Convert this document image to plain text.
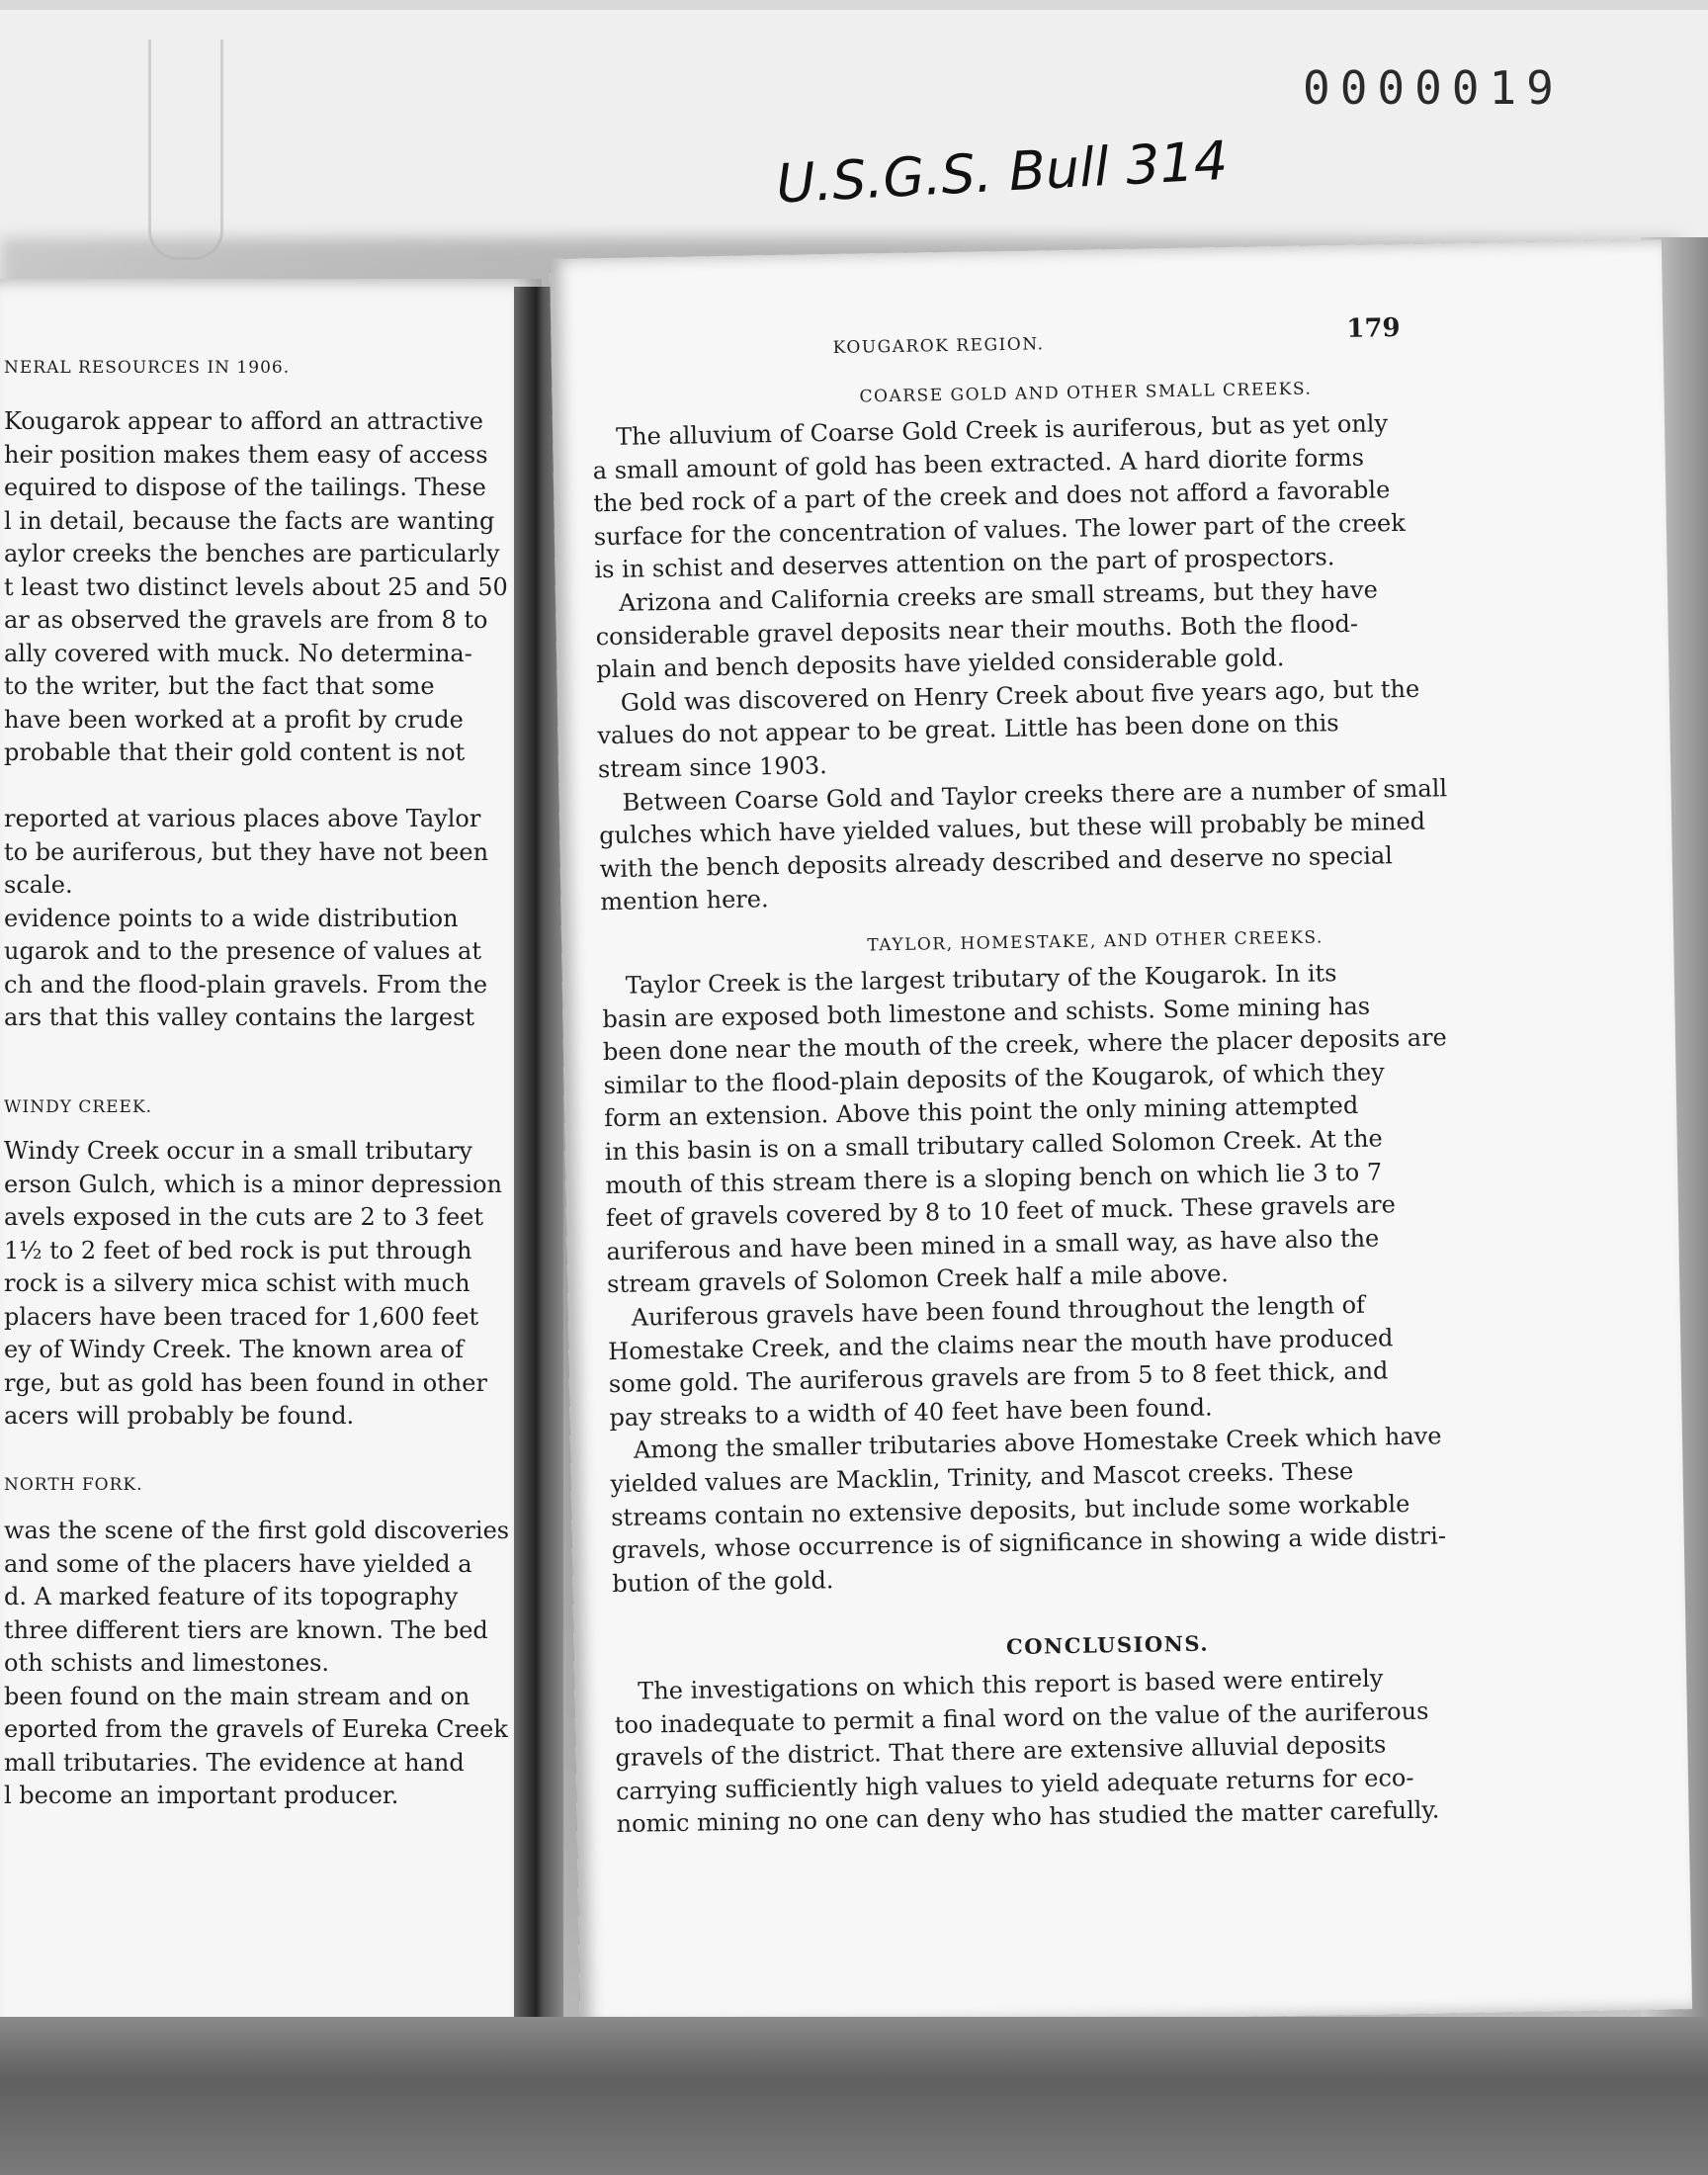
0000019
U.S.G.S. Bull 314
NERAL RESOURCES IN 1906.
Kougarok appear to afford an attractive
heir position makes them easy of access
equired to dispose of the tailings. These
l in detail, because the facts are wanting
aylor creeks the benches are particularly
t least two distinct levels about 25 and 50
ar as observed the gravels are from 8 to
ally covered with muck. No determina-
to the writer, but the fact that some
have been worked at a profit by crude
probable that their gold content is not
reported at various places above Taylor
to be auriferous, but they have not been
scale.
evidence points to a wide distribution
ugarok and to the presence of values at
ch and the flood-plain gravels. From the
ars that this valley contains the largest
WINDY CREEK.
Windy Creek occur in a small tributary
erson Gulch, which is a minor depression
avels exposed in the cuts are 2 to 3 feet
1½ to 2 feet of bed rock is put through
rock is a silvery mica schist with much
placers have been traced for 1,600 feet
ey of Windy Creek. The known area of
rge, but as gold has been found in other
acers will probably be found.
NORTH FORK.
was the scene of the first gold discoveries
and some of the placers have yielded a
d. A marked feature of its topography
three different tiers are known. The bed
oth schists and limestones.
been found on the main stream and on
eported from the gravels of Eureka Creek
mall tributaries. The evidence at hand
l become an important producer.
KOUGAROK REGION.
179
COARSE GOLD AND OTHER SMALL CREEKS.
The alluvium of Coarse Gold Creek is auriferous, but as yet only
a small amount of gold has been extracted. A hard diorite forms
the bed rock of a part of the creek and does not afford a favorable
surface for the concentration of values. The lower part of the creek
is in schist and deserves attention on the part of prospectors.
Arizona and California creeks are small streams, but they have
considerable gravel deposits near their mouths. Both the flood-
plain and bench deposits have yielded considerable gold.
Gold was discovered on Henry Creek about five years ago, but the
values do not appear to be great. Little has been done on this
stream since 1903.
Between Coarse Gold and Taylor creeks there are a number of small
gulches which have yielded values, but these will probably be mined
with the bench deposits already described and deserve no special
mention here.
TAYLOR, HOMESTAKE, AND OTHER CREEKS.
Taylor Creek is the largest tributary of the Kougarok. In its
basin are exposed both limestone and schists. Some mining has
been done near the mouth of the creek, where the placer deposits are
similar to the flood-plain deposits of the Kougarok, of which they
form an extension. Above this point the only mining attempted
in this basin is on a small tributary called Solomon Creek. At the
mouth of this stream there is a sloping bench on which lie 3 to 7
feet of gravels covered by 8 to 10 feet of muck. These gravels are
auriferous and have been mined in a small way, as have also the
stream gravels of Solomon Creek half a mile above.
Auriferous gravels have been found throughout the length of
Homestake Creek, and the claims near the mouth have produced
some gold. The auriferous gravels are from 5 to 8 feet thick, and
pay streaks to a width of 40 feet have been found.
Among the smaller tributaries above Homestake Creek which have
yielded values are Macklin, Trinity, and Mascot creeks. These
streams contain no extensive deposits, but include some workable
gravels, whose occurrence is of significance in showing a wide distri-
bution of the gold.
CONCLUSIONS.
The investigations on which this report is based were entirely
too inadequate to permit a final word on the value of the auriferous
gravels of the district. That there are extensive alluvial deposits
carrying sufficiently high values to yield adequate returns for eco-
nomic mining no one can deny who has studied the matter carefully.
